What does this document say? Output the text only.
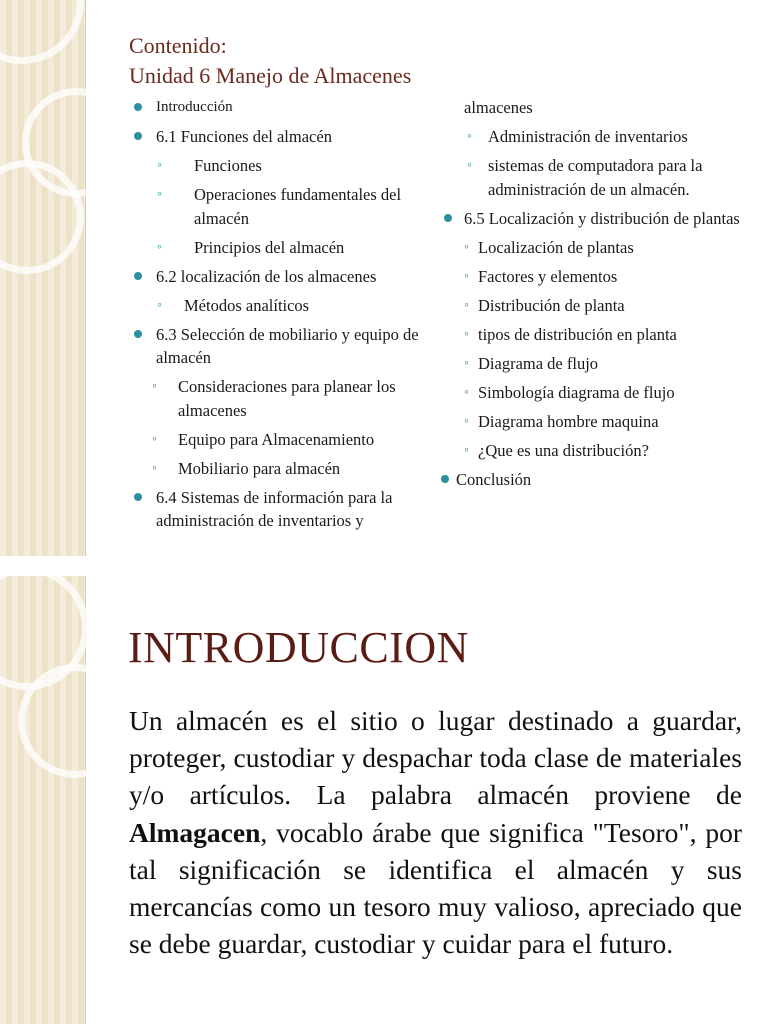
Contenido:
Unidad 6 Manejo de Almacenes
Introducción
6.1 Funciones del almacén
◦ Funciones
◦ Operaciones fundamentales del almacén
◦ Principios del almacén
6.2 localización de los almacenes
◦ Métodos analíticos
6.3 Selección de mobiliario y equipo de almacén
◦ Consideraciones para planear los almacenes
◦ Equipo para Almacenamiento
◦ Mobiliario para almacén
6.4 Sistemas de información para la administración de inventarios y
almacenes
◦ Administración de inventarios
◦ sistemas de computadora para la administración de un almacén.
6.5 Localización y distribución de plantas
◦ Localización de plantas
◦ Factores y elementos
◦ Distribución de planta
◦ tipos de distribución en planta
◦ Diagrama de flujo
◦ Simbología diagrama de flujo
◦ Diagrama hombre maquina
◦ ¿Que es una distribución?
Conclusión
INTRODUCCION
Un almacén es el sitio o lugar destinado a guardar, proteger, custodiar y despachar toda clase de materiales y/o artículos. La palabra almacén proviene de Almagacen, vocablo árabe que significa "Tesoro", por tal significación se identifica el almacén y sus mercancías como un tesoro muy valioso, apreciado que se debe guardar, custodiar y cuidar para el futuro.
